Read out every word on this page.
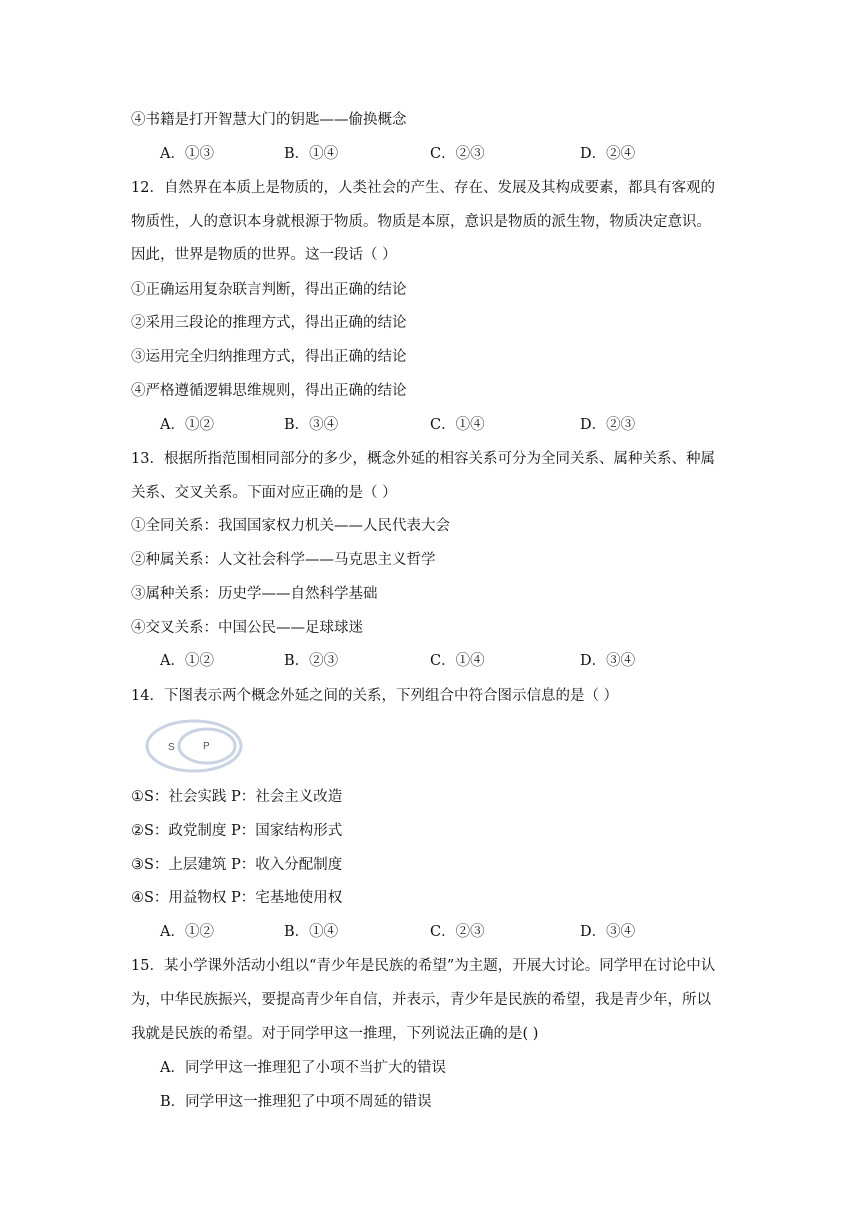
④书籍是打开智慧大门的钥匙——偷换概念
A．①③	B．①④	C．②③	D．②④
12．自然界在本质上是物质的，人类社会的产生、存在、发展及其构成要素，都具有客观的
物质性，人的意识本身就根源于物质。物质是本原，意识是物质的派生物，物质决定意识。
因此，世界是物质的世界。这一段话（ ）
①正确运用复杂联言判断，得出正确的结论
②采用三段论的推理方式，得出正确的结论
③运用完全归纳推理方式，得出正确的结论
④严格遵循逻辑思维规则，得出正确的结论
A．①②	B．③④	C．①④	D．②③
13．根据所指范围相同部分的多少，概念外延的相容关系可分为全同关系、属种关系、种属
关系、交叉关系。下面对应正确的是（ ）
①全同关系：我国国家权力机关——人民代表大会
②种属关系：人文社会科学——马克思主义哲学
③属种关系：历史学——自然科学基础
④交叉关系：中国公民——足球球迷
A．①②	B．②③	C．①④	D．③④
14．下图表示两个概念外延之间的关系，下列组合中符合图示信息的是（ ）
S	P
①S：社会实践 P：社会主义改造
②S：政党制度 P：国家结构形式
③S：上层建筑 P：收入分配制度
④S：用益物权 P：宅基地使用权
A．①②	B．①④	C．②③	D．③④
15．某小学课外活动小组以“青少年是民族的希望”为主题，开展大讨论。同学甲在讨论中认
为，中华民族振兴，要提高青少年自信，并表示，青少年是民族的希望，我是青少年，所以
我就是民族的希望。对于同学甲这一推理，下列说法正确的是( )
A．同学甲这一推理犯了小项不当扩大的错误
B．同学甲这一推理犯了中项不周延的错误
